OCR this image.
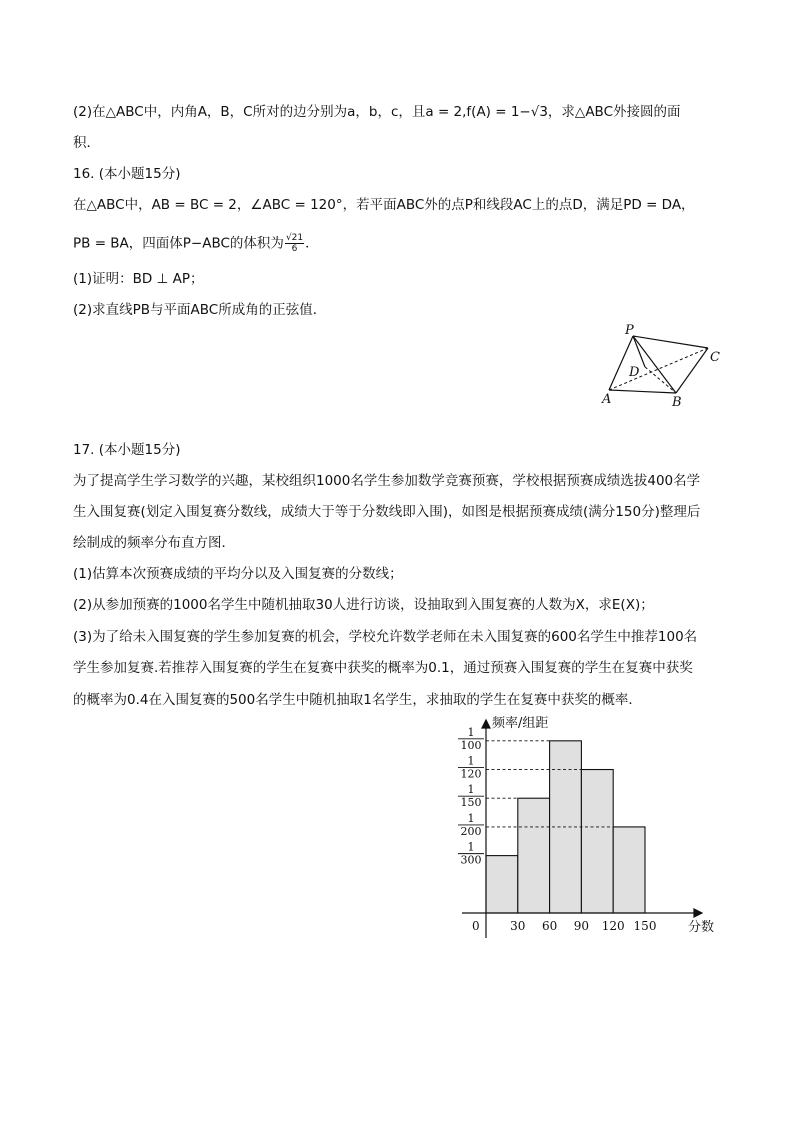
(2)在△ABC中，内角A，B，C所对的边分别为a，b，c，且a = 2,f(A) = 1−√3，求△ABC外接圆的面
积．
16. (本小题15分)
在△ABC中，AB = BC = 2，∠ABC = 120°，若平面ABC外的点P和线段AC上的点D，满足PD = DA，
PB = BA，四面体P−ABC的体积为 $\frac{√21}{6}$ ．
(1)证明：BD ⊥ AP；
(2)求直线PB与平面ABC所成角的正弦值．
P
C
D
A	B
17. (本小题15分)
为了提高学生学习数学的兴趣，某校组织1000名学生参加数学竞赛预赛，学校根据预赛成绩选拔400名学
生入围复赛(划定入围复赛分数线，成绩大于等于分数线即入围)，如图是根据预赛成绩(满分150分)整理后
绘制成的频率分布直方图．
(1)估算本次预赛成绩的平均分以及入围复赛的分数线；
(2)从参加预赛的1000名学生中随机抽取30人进行访谈，设抽取到入围复赛的人数为X，求E(X)；
(3)为了给未入围复赛的学生参加复赛的机会，学校允许数学老师在未入围复赛的600名学生中推荐100名
学生参加复赛.若推荐入围复赛的学生在复赛中获奖的概率为0.1，通过预赛入围复赛的学生在复赛中获奖
的概率为0.4在入围复赛的500名学生中随机抽取1名学生，求抽取的学生在复赛中获奖的概率．
1
300
1
200
1
150
1
120
1
100
30 60 90 120 150
频率/组距
分数
0
